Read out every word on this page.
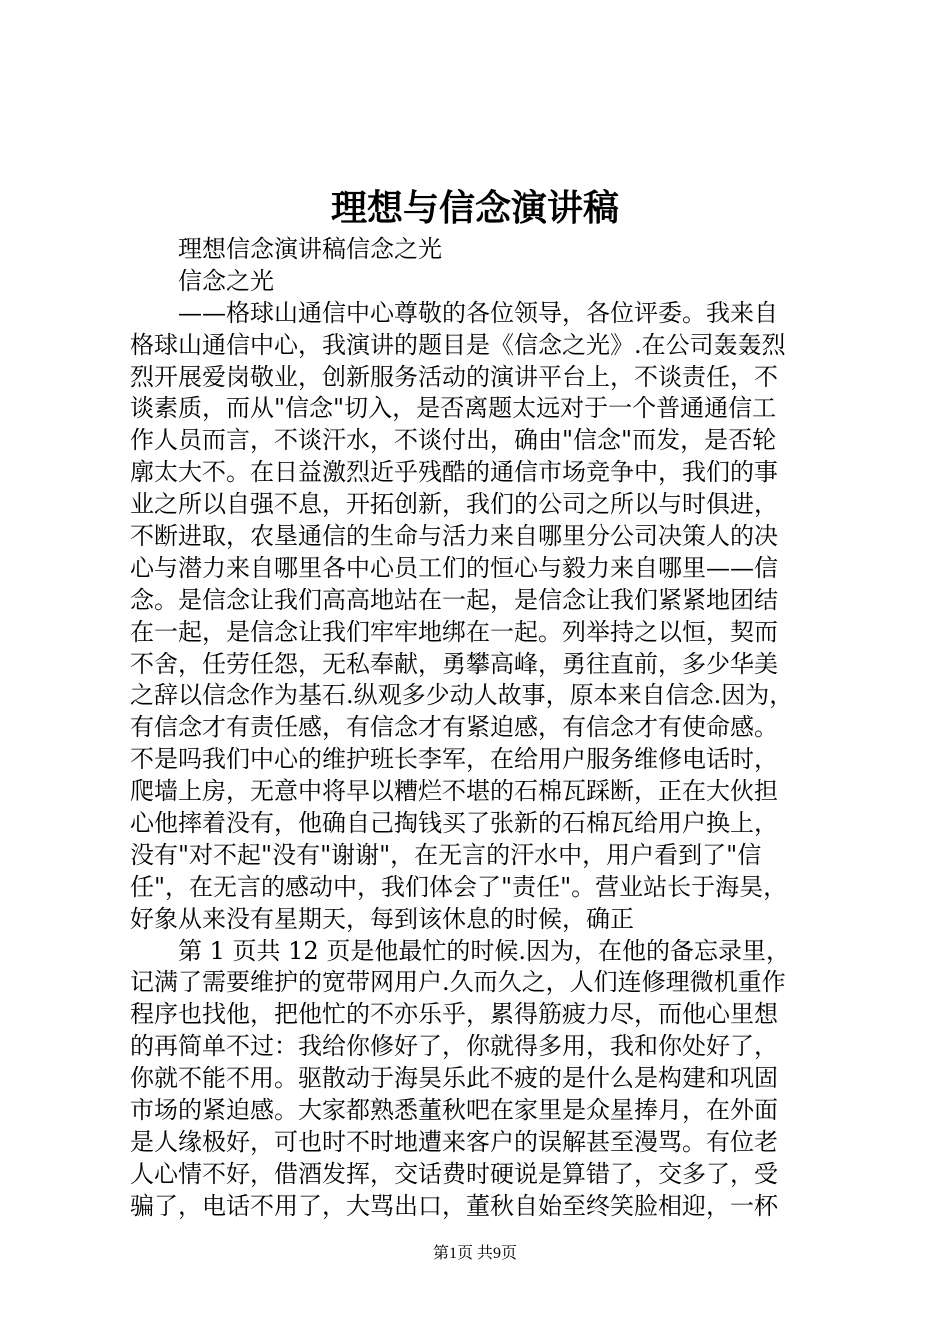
理想与信念演讲稿
理想信念演讲稿信念之光
信念之光
——格球山通信中心尊敬的各位领导，各位评委。我来自
格球山通信中心，我演讲的题目是《信念之光》.在公司轰轰烈
烈开展爱岗敬业，创新服务活动的演讲平台上，不谈责任，不
谈素质，而从"信念"切入，是否离题太远对于一个普通通信工
作人员而言，不谈汗水，不谈付出，确由"信念"而发，是否轮
廓太大不。在日益激烈近乎残酷的通信市场竞争中，我们的事
业之所以自强不息，开拓创新，我们的公司之所以与时俱进，
不断进取，农垦通信的生命与活力来自哪里分公司决策人的决
心与潜力来自哪里各中心员工们的恒心与毅力来自哪里——信
念。是信念让我们高高地站在一起，是信念让我们紧紧地团结
在一起，是信念让我们牢牢地绑在一起。列举持之以恒，契而
不舍，任劳任怨，无私奉献，勇攀高峰，勇往直前，多少华美
之辞以信念作为基石.纵观多少动人故事，原本来自信念.因为，
有信念才有责任感，有信念才有紧迫感，有信念才有使命感。
不是吗我们中心的维护班长李军，在给用户服务维修电话时，
爬墙上房，无意中将早以糟烂不堪的石棉瓦踩断，正在大伙担
心他摔着没有，他确自己掏钱买了张新的石棉瓦给用户换上，
没有"对不起"没有"谢谢"，在无言的汗水中，用户看到了"信
任"，在无言的感动中，我们体会了"责任"。营业站长于海昊，
好象从来没有星期天，每到该休息的时候，确正
第 1 页共 12 页是他最忙的时候.因为，在他的备忘录里，
记满了需要维护的宽带网用户.久而久之，人们连修理微机重作
程序也找他，把他忙的不亦乐乎，累得筋疲力尽，而他心里想
的再简单不过：我给你修好了，你就得多用，我和你处好了，
你就不能不用。驱散动于海昊乐此不疲的是什么是构建和巩固
市场的紧迫感。大家都熟悉董秋吧在家里是众星捧月，在外面
是人缘极好，可也时不时地遭来客户的误解甚至漫骂。有位老
人心情不好，借酒发挥，交话费时硬说是算错了，交多了，受
骗了，电话不用了，大骂出口，董秋自始至终笑脸相迎，一杯
第1页 共9页
